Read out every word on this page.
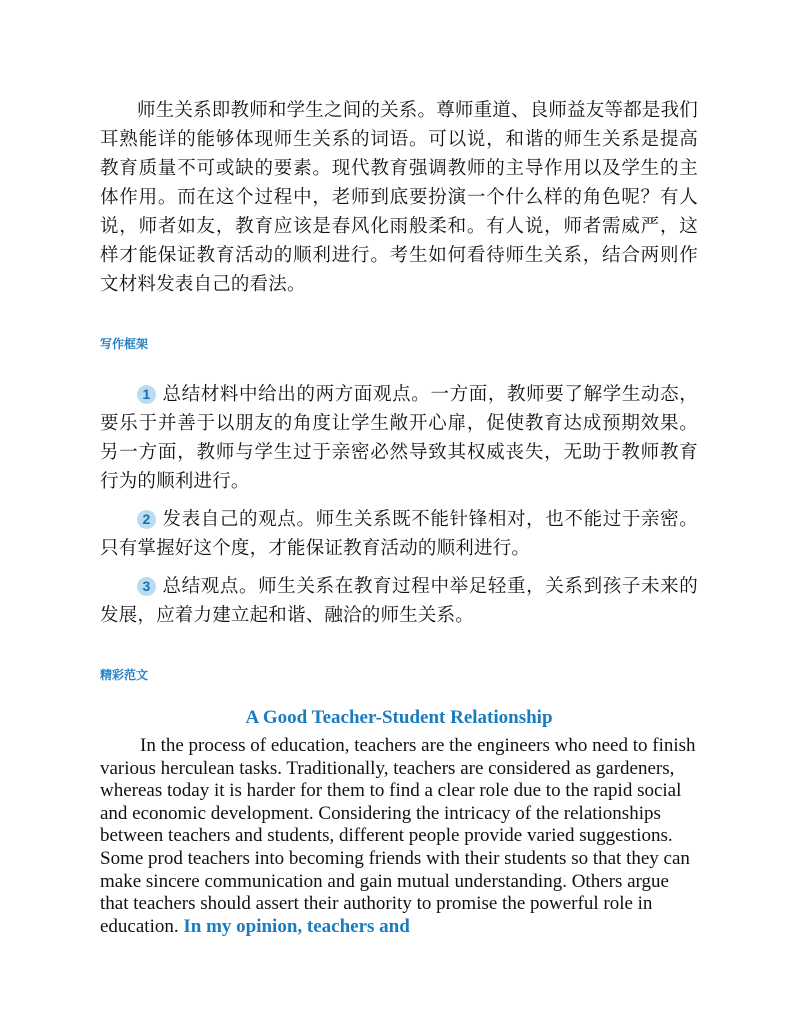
师生关系即教师和学生之间的关系。尊师重道、良师益友等都是我们耳熟能详的能够体现师生关系的词语。可以说，和谐的师生关系是提高教育质量不可或缺的要素。现代教育强调教师的主导作用以及学生的主体作用。而在这个过程中，老师到底要扮演一个什么样的角色呢？有人说，师者如友，教育应该是春风化雨般柔和。有人说，师者需威严，这样才能保证教育活动的顺利进行。考生如何看待师生关系，结合两则作文材料发表自己的看法。

写作框架

1 总结材料中给出的两方面观点。一方面，教师要了解学生动态，要乐于并善于以朋友的角度让学生敞开心扉，促使教育达成预期效果。另一方面，教师与学生过于亲密必然导致其权威丧失，无助于教师教育行为的顺利进行。

2 发表自己的观点。师生关系既不能针锋相对，也不能过于亲密。只有掌握好这个度，才能保证教育活动的顺利进行。

3 总结观点。师生关系在教育过程中举足轻重，关系到孩子未来的发展，应着力建立起和谐、融洽的师生关系。

精彩范文
A Good Teacher-Student Relationship

In the process of education, teachers are the engineers who need to finish various herculean tasks. Traditionally, teachers are considered as gardeners, whereas today it is harder for them to find a clear role due to the rapid social and economic development. Considering the intricacy of the relationships between teachers and students, different people provide varied suggestions. Some prod teachers into becoming friends with their students so that they can make sincere communication and gain mutual understanding. Others argue that teachers should assert their authority to promise the powerful role in education. In my opinion, teachers and
